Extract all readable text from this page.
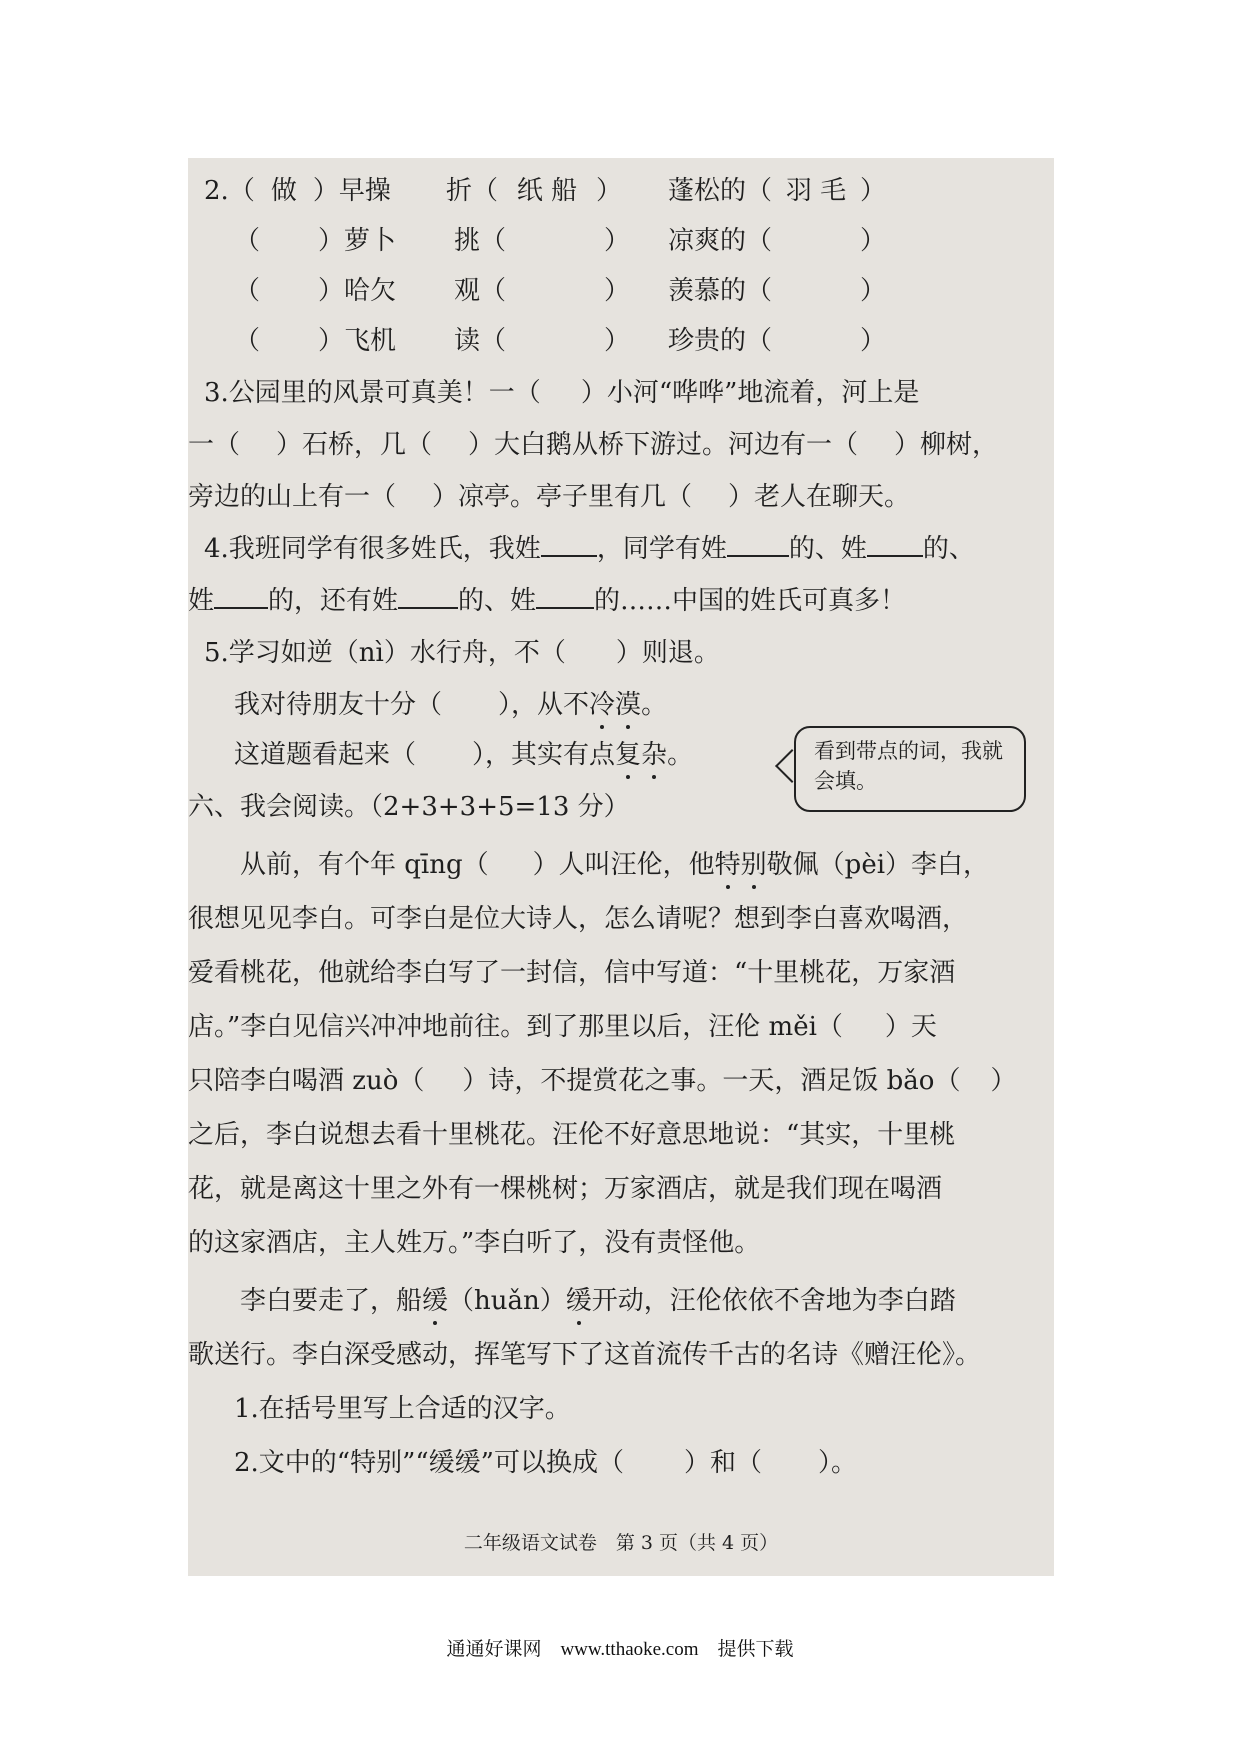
2.（ 做 ）早操 折（ 纸 船 ） 蓬松的（ 羽 毛 ）
（ ）萝卜 挑（	） 凉爽的（	）
（ ）哈欠 观（	） 羡慕的（	）
（ ）飞机 读（	） 珍贵的（	）
3.公园里的风景可真美！一（ ）小河“哗哗”地流着，河上是
一（ ）石桥，几（ ）大白鹅从桥下游过。河边有一（ ）柳树，
旁边的山上有一（ ）凉亭。亭子里有几（ ）老人在聊天。
4.我班同学有很多姓氏，我姓 ，同学有姓 的、姓 的、
姓 的，还有姓 的、姓 的……中国的姓氏可真多！
5.学习如逆（nì）水行舟，不（ ）则退。
我对待朋友十分（ ），从不冷漠。
这道题看起来（ ），其实有点复杂。	看到带点的词，我就会填。
六、我会阅读。（2+3+3+5=13 分）
从前，有个年 qīng（ ）人叫汪伦，他特别敬佩（pèi）李白，
很想见见李白。可李白是位大诗人，怎么请呢？想到李白喜欢喝酒，
爱看桃花，他就给李白写了一封信，信中写道：“十里桃花，万家酒
店。”李白见信兴冲冲地前往。到了那里以后，汪伦 měi（ ）天
只陪李白喝酒 zuò（ ）诗，不提赏花之事。一天，酒足饭 bǎo（ ）
之后，李白说想去看十里桃花。汪伦不好意思地说：“其实，十里桃
花，就是离这十里之外有一棵桃树；万家酒店，就是我们现在喝酒
的这家酒店，主人姓万。”李白听了，没有责怪他。
李白要走了，船缓（huǎn）缓开动，汪伦依依不舍地为李白踏
歌送行。李白深受感动，挥笔写下了这首流传千古的名诗《赠汪伦》。
1.在括号里写上合适的汉字。
2.文中的“特别”“缓缓”可以换成（ ）和（ ）。
二年级语文试卷　第 3 页（共 4 页）
通通好课网　www.tthaoke.com　提供下载
